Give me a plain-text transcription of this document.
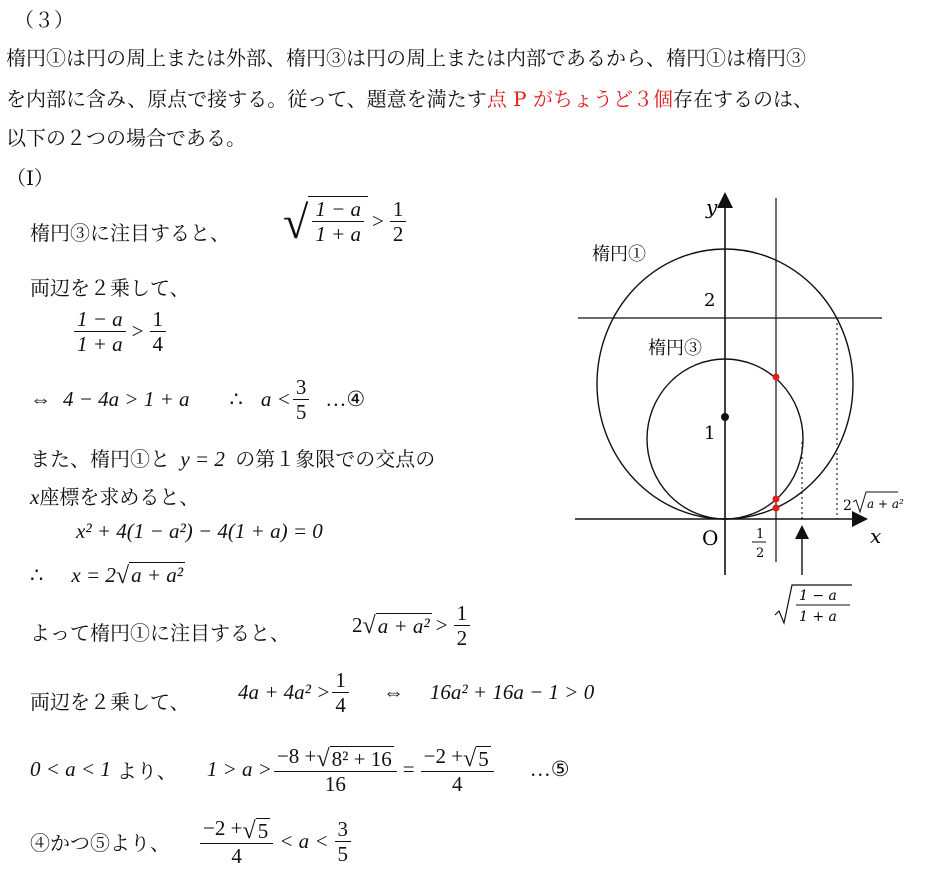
（３）
楕円①は円の周上または外部、楕円③は円の周上または内部であるから、楕円①は楕円③
を内部に含み、原点で接する。従って、題意を満たす点 P がちょうど３個存在するのは、
以下の２つの場合である。
（Ⅰ）
楕円③に注目すると、 √ $\frac{1 - a}{1 + a} > \frac{1}{2}$
両辺を２乗して、
$\frac{1 - a}{1 + a} > \frac{1}{4}$
⇔ 4 − 4a > 1 + a ∴ $a < \frac{3}{5}$ …④
また、楕円①と y = 2 の第１象限での交点の
x座標を求めると、
x² + 4(1 − a²) − 4(1 + a) = 0
∴ x = 2 √ a + a²
よって楕円①に注目すると、	2 √ $a + a^2 > \frac{1}{2}$
両辺を２乗して、 $4a + 4a^2 > \frac{1}{4}$ ⇔ 16a² + 16a − 1 > 0
0 < a < 1 より、 $1 > a > \frac{\text{−8 + √ 8² + 16}}{16} = \frac{-2 + √ 5}{4}$ …⑤
④かつ⑤より、 $\frac{-2 + √ 5}{4} < a < \frac{3}{5}$
y
x
O
楕円①
楕円③
2
1
1
2
1 − a
1 + a
2 a + a²
